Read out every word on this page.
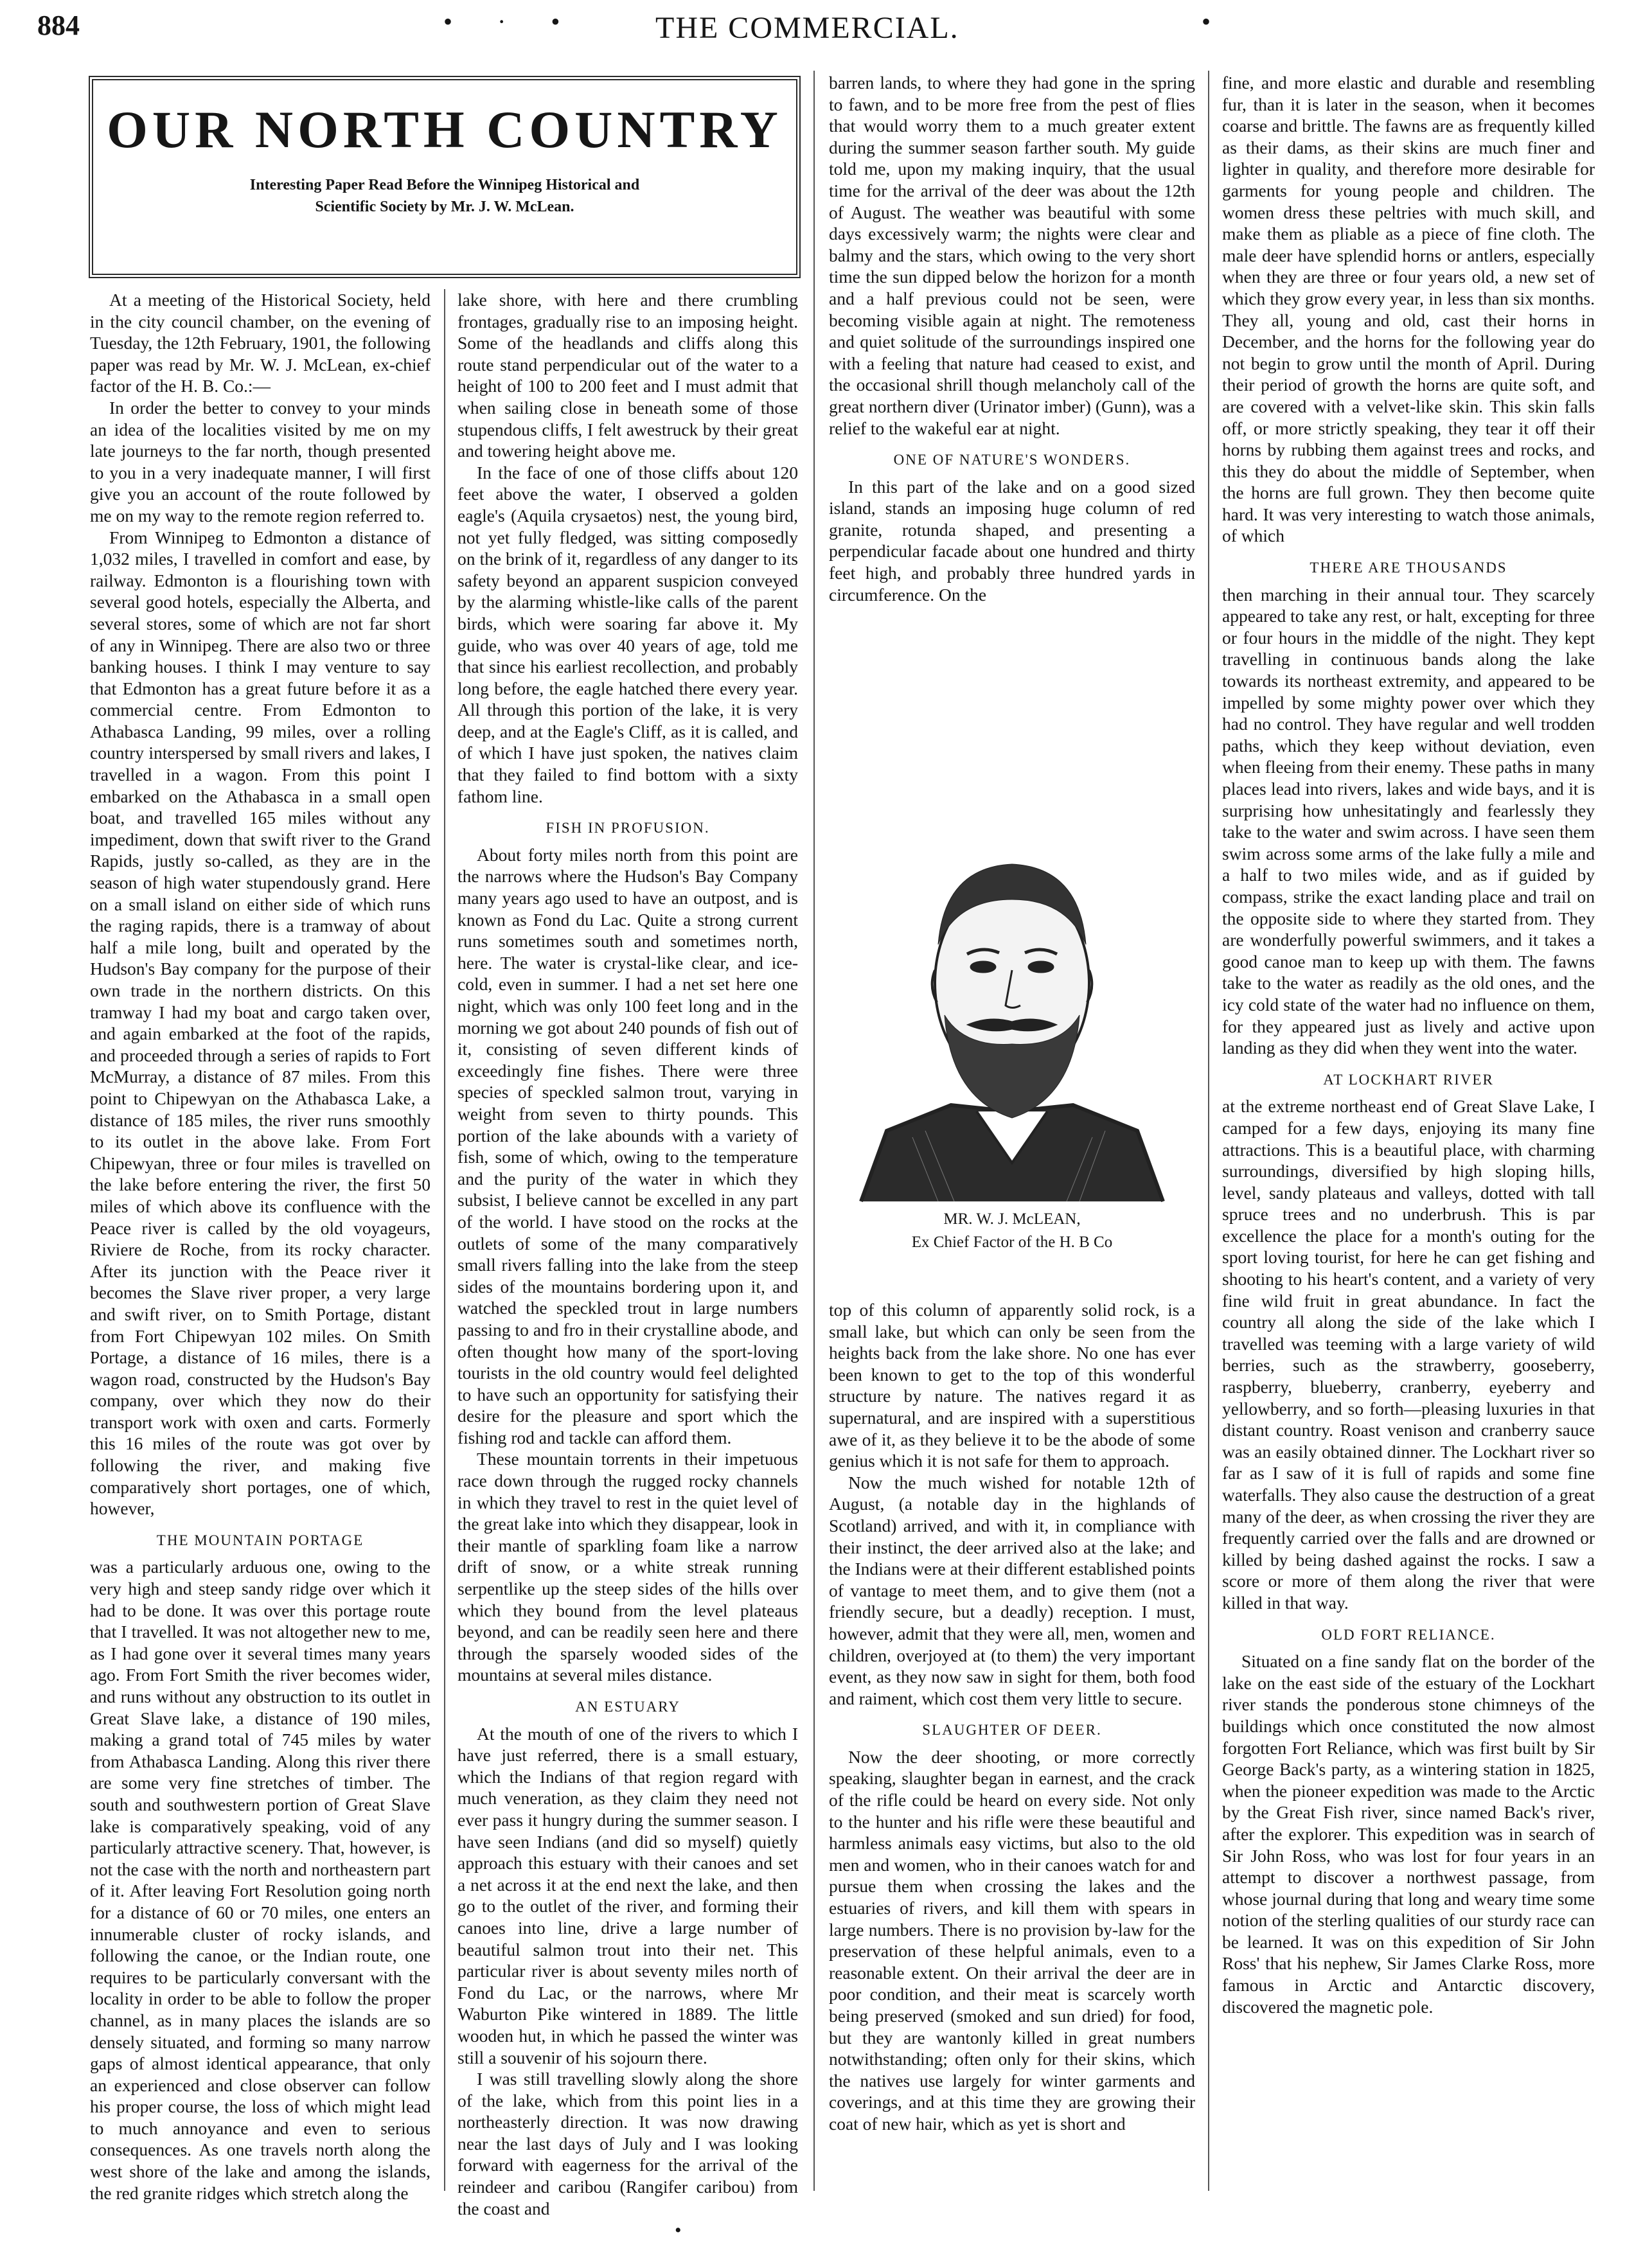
884	• · • THE COMMERCIAL.	•
OUR NORTH COUNTRY
Interesting Paper Read Before the Winnipeg Historical and
Scientific Society by Mr. J. W. McLean.

At a meeting of the Historical Society, held in the city council chamber, on the evening of Tuesday, the 12th February, 1901, the following paper was read by Mr. W. J. McLean, ex-chief factor of the H. B. Co.:—

In order the better to convey to your minds an idea of the localities visited by me on my late journeys to the far north, though presented to you in a very inadequate manner, I will first give you an account of the route followed by me on my way to the remote region referred to.

From Winnipeg to Edmonton a distance of 1,032 miles, I travelled in comfort and ease, by railway. Edmonton is a flourishing town with several good hotels, especially the Alberta, and several stores, some of which are not far short of any in Winnipeg. There are also two or three banking houses. I think I may venture to say that Edmonton has a great future before it as a commercial centre. From Edmonton to Athabasca Landing, 99 miles, over a rolling country interspersed by small rivers and lakes, I travelled in a wagon. From this point I embarked on the Athabasca in a small open boat, and travelled 165 miles without any impediment, down that swift river to the Grand Rapids, justly so-called, as they are in the season of high water stupendously grand. Here on a small island on either side of which runs the raging rapids, there is a tramway of about half a mile long, built and operated by the Hudson's Bay company for the purpose of their own trade in the northern districts. On this tramway I had my boat and cargo taken over, and again embarked at the foot of the rapids, and proceeded through a series of rapids to Fort McMurray, a distance of 87 miles. From this point to Chipewyan on the Athabasca Lake, a distance of 185 miles, the river runs smoothly to its outlet in the above lake. From Fort Chipewyan, three or four miles is travelled on the lake before entering the river, the first 50 miles of which above its confluence with the Peace river is called by the old voyageurs, Riviere de Roche, from its rocky character. After its junction with the Peace river it becomes the Slave river proper, a very large and swift river, on to Smith Portage, distant from Fort Chipewyan 102 miles. On Smith Portage, a distance of 16 miles, there is a wagon road, constructed by the Hudson's Bay company, over which they now do their transport work with oxen and carts. Formerly this 16 miles of the route was got over by following the river, and making five comparatively short portages, one of which, however,

THE MOUNTAIN PORTAGE

was a particularly arduous one, owing to the very high and steep sandy ridge over which it had to be done. It was over this portage route that I travelled. It was not altogether new to me, as I had gone over it several times many years ago. From Fort Smith the river becomes wider, and runs without any obstruction to its outlet in Great Slave lake, a distance of 190 miles, making a grand total of 745 miles by water from Athabasca Landing. Along this river there are some very fine stretches of timber. The south and southwestern portion of Great Slave lake is comparatively speaking, void of any particularly attractive scenery. That, however, is not the case with the north and northeastern part of it. After leaving Fort Resolution going north for a distance of 60 or 70 miles, one enters an innumerable cluster of rocky islands, and following the canoe, or the Indian route, one requires to be particularly conversant with the locality in order to be able to follow the proper channel, as in many places the islands are so densely situated, and forming so many narrow gaps of almost identical appearance, that only an experienced and close observer can follow his proper course, the loss of which might lead to much annoyance and even to serious consequences. As one travels north along the west shore of the lake and among the islands, the red granite ridges which stretch along the

lake shore, with here and there crumbling frontages, gradually rise to an imposing height. Some of the headlands and cliffs along this route stand perpendicular out of the water to a height of 100 to 200 feet and I must admit that when sailing close in beneath some of those stupendous cliffs, I felt awestruck by their great and towering height above me.

In the face of one of those cliffs about 120 feet above the water, I observed a golden eagle's (Aquila crysaetos) nest, the young bird, not yet fully fledged, was sitting composedly on the brink of it, regardless of any danger to its safety beyond an apparent suspicion conveyed by the alarming whistle-like calls of the parent birds, which were soaring far above it. My guide, who was over 40 years of age, told me that since his earliest recollection, and probably long before, the eagle hatched there every year. All through this portion of the lake, it is very deep, and at the Eagle's Cliff, as it is called, and of which I have just spoken, the natives claim that they failed to find bottom with a sixty fathom line.

FISH IN PROFUSION.

About forty miles north from this point are the narrows where the Hudson's Bay Company many years ago used to have an outpost, and is known as Fond du Lac. Quite a strong current runs sometimes south and sometimes north, here. The water is crystal-like clear, and ice-cold, even in summer. I had a net set here one night, which was only 100 feet long and in the morning we got about 240 pounds of fish out of it, consisting of seven different kinds of exceedingly fine fishes. There were three species of speckled salmon trout, varying in weight from seven to thirty pounds. This portion of the lake abounds with a variety of fish, some of which, owing to the temperature and the purity of the water in which they subsist, I believe cannot be excelled in any part of the world. I have stood on the rocks at the outlets of some of the many comparatively small rivers falling into the lake from the steep sides of the mountains bordering upon it, and watched the speckled trout in large numbers passing to and fro in their crystalline abode, and often thought how many of the sport-loving tourists in the old country would feel delighted to have such an opportunity for satisfying their desire for the pleasure and sport which the fishing rod and tackle can afford them.

These mountain torrents in their impetuous race down through the rugged rocky channels in which they travel to rest in the quiet level of the great lake into which they disappear, look in their mantle of sparkling foam like a narrow drift of snow, or a white streak running serpentlike up the steep sides of the hills over which they bound from the level plateaus beyond, and can be readily seen here and there through the sparsely wooded sides of the mountains at several miles distance.

AN ESTUARY

At the mouth of one of the rivers to which I have just referred, there is a small estuary, which the Indians of that region regard with much veneration, as they claim they need not ever pass it hungry during the summer season. I have seen Indians (and did so myself) quietly approach this estuary with their canoes and set a net across it at the end next the lake, and then go to the outlet of the river, and forming their canoes into line, drive a large number of beautiful salmon trout into their net. This particular river is about seventy miles north of Fond du Lac, or the narrows, where Mr Waburton Pike wintered in 1889. The little wooden hut, in which he passed the winter was still a souvenir of his sojourn there.

I was still travelling slowly along the shore of the lake, which from this point lies in a northeasterly direction. It was now drawing near the last days of July and I was looking forward with eagerness for the arrival of the reindeer and caribou (Rangifer caribou) from the coast and

barren lands, to where they had gone in the spring to fawn, and to be more free from the pest of flies that would worry them to a much greater extent during the summer season farther south. My guide told me, upon my making inquiry, that the usual time for the arrival of the deer was about the 12th of August. The weather was beautiful with some days excessively warm; the nights were clear and balmy and the stars, which owing to the very short time the sun dipped below the horizon for a month and a half previous could not be seen, were becoming visible again at night. The remoteness and quiet solitude of the surroundings inspired one with a feeling that nature had ceased to exist, and the occasional shrill though melancholy call of the great northern diver (Urinator imber) (Gunn), was a relief to the wakeful ear at night.

ONE OF NATURE'S WONDERS.

In this part of the lake and on a good sized island, stands an imposing huge column of red granite, rotunda shaped, and presenting a perpendicular facade about one hundred and thirty feet high, and probably three hundred yards in circumference. On the

MR. W. J. McLEAN,
Ex Chief Factor of the H. B Co

top of this column of apparently solid rock, is a small lake, but which can only be seen from the heights back from the lake shore. No one has ever been known to get to the top of this wonderful structure by nature. The natives regard it as supernatural, and are inspired with a superstitious awe of it, as they believe it to be the abode of some genius which it is not safe for them to approach.

Now the much wished for notable 12th of August, (a notable day in the highlands of Scotland) arrived, and with it, in compliance with their instinct, the deer arrived also at the lake; and the Indians were at their different established points of vantage to meet them, and to give them (not a friendly secure, but a deadly) reception. I must, however, admit that they were all, men, women and children, overjoyed at (to them) the very important event, as they now saw in sight for them, both food and raiment, which cost them very little to secure.

SLAUGHTER OF DEER.

Now the deer shooting, or more correctly speaking, slaughter began in earnest, and the crack of the rifle could be heard on every side. Not only to the hunter and his rifle were these beautiful and harmless animals easy victims, but also to the old men and women, who in their canoes watch for and pursue them when crossing the lakes and the estuaries of rivers, and kill them with spears in large numbers. There is no provision by-law for the preservation of these helpful animals, even to a reasonable extent. On their arrival the deer are in poor condition, and their meat is scarcely worth being preserved (smoked and sun dried) for food, but they are wantonly killed in great numbers notwithstanding; often only for their skins, which the natives use largely for winter garments and coverings, and at this time they are growing their coat of new hair, which as yet is short and

fine, and more elastic and durable and resembling fur, than it is later in the season, when it becomes coarse and brittle. The fawns are as frequently killed as their dams, as their skins are much finer and lighter in quality, and therefore more desirable for garments for young people and children. The women dress these peltries with much skill, and make them as pliable as a piece of fine cloth. The male deer have splendid horns or antlers, especially when they are three or four years old, a new set of which they grow every year, in less than six months. They all, young and old, cast their horns in December, and the horns for the following year do not begin to grow until the month of April. During their period of growth the horns are quite soft, and are covered with a velvet-like skin. This skin falls off, or more strictly speaking, they tear it off their horns by rubbing them against trees and rocks, and this they do about the middle of September, when the horns are full grown. They then become quite hard. It was very interesting to watch those animals, of which

THERE ARE THOUSANDS

then marching in their annual tour. They scarcely appeared to take any rest, or halt, excepting for three or four hours in the middle of the night. They kept travelling in continuous bands along the lake towards its northeast extremity, and appeared to be impelled by some mighty power over which they had no control. They have regular and well trodden paths, which they keep without deviation, even when fleeing from their enemy. These paths in many places lead into rivers, lakes and wide bays, and it is surprising how unhesitatingly and fearlessly they take to the water and swim across. I have seen them swim across some arms of the lake fully a mile and a half to two miles wide, and as if guided by compass, strike the exact landing place and trail on the opposite side to where they started from. They are wonderfully powerful swimmers, and it takes a good canoe man to keep up with them. The fawns take to the water as readily as the old ones, and the icy cold state of the water had no influence on them, for they appeared just as lively and active upon landing as they did when they went into the water.

AT LOCKHART RIVER

at the extreme northeast end of Great Slave Lake, I camped for a few days, enjoying its many fine attractions. This is a beautiful place, with charming surroundings, diversified by high sloping hills, level, sandy plateaus and valleys, dotted with tall spruce trees and no underbrush. This is par excellence the place for a month's outing for the sport loving tourist, for here he can get fishing and shooting to his heart's content, and a variety of very fine wild fruit in great abundance. In fact the country all along the side of the lake which I travelled was teeming with a large variety of wild berries, such as the strawberry, gooseberry, raspberry, blueberry, cranberry, eyeberry and yellowberry, and so forth—pleasing luxuries in that distant country. Roast venison and cranberry sauce was an easily obtained dinner. The Lockhart river so far as I saw of it is full of rapids and some fine waterfalls. They also cause the destruction of a great many of the deer, as when crossing the river they are frequently carried over the falls and are drowned or killed by being dashed against the rocks. I saw a score or more of them along the river that were killed in that way.

OLD FORT RELIANCE.

Situated on a fine sandy flat on the border of the lake on the east side of the estuary of the Lockhart river stands the ponderous stone chimneys of the buildings which once constituted the now almost forgotten Fort Reliance, which was first built by Sir George Back's party, as a wintering station in 1825, when the pioneer expedition was made to the Arctic by the Great Fish river, since named Back's river, after the explorer. This expedition was in search of Sir John Ross, who was lost for four years in an attempt to discover a northwest passage, from whose journal during that long and weary time some notion of the sterling qualities of our sturdy race can be learned. It was on this expedition of Sir John Ross' that his nephew, Sir James Clarke Ross, more famous in Arctic and Antarctic discovery, discovered the magnetic pole.

•
